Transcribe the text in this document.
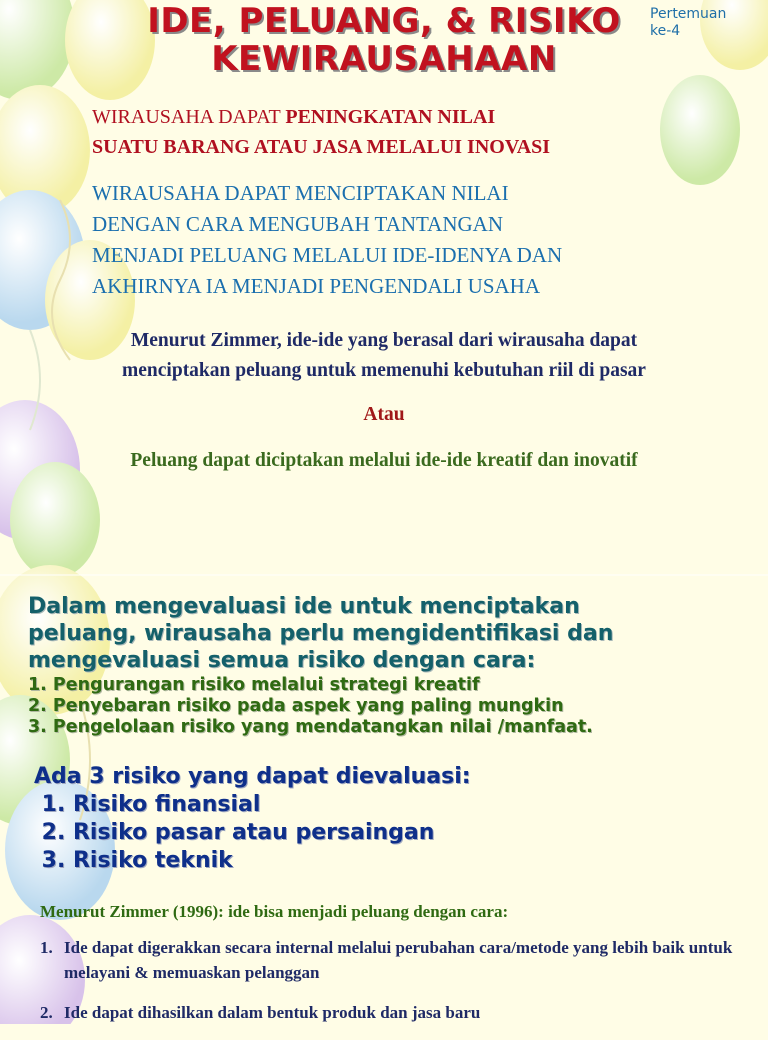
IDE, PELUANG, & RISIKO
KEWIRAUSAHAAN
Pertemuan
ke-4
WIRAUSAHA DAPAT PENINGKATAN NILAI
SUATU BARANG ATAU JASA MELALUI INOVASI
WIRAUSAHA DAPAT MENCIPTAKAN NILAI
DENGAN CARA MENGUBAH TANTANGAN
MENJADI PELUANG MELALUI IDE-IDENYA DAN
AKHIRNYA IA MENJADI PENGENDALI USAHA
Menurut Zimmer, ide-ide yang berasal dari wirausaha dapat
menciptakan peluang untuk memenuhi kebutuhan riil di pasar
Atau
Peluang dapat diciptakan melalui ide-ide kreatif dan inovatif
Dalam mengevaluasi ide untuk menciptakan
peluang, wirausaha perlu mengidentifikasi dan
mengevaluasi semua risiko dengan cara:
1. Pengurangan risiko melalui strategi kreatif
2. Penyebaran risiko pada aspek yang paling mungkin
3. Pengelolaan risiko yang mendatangkan nilai /manfaat.
Ada 3 risiko yang dapat dievaluasi:
1. Risiko finansial
2. Risiko pasar atau persaingan
3. Risiko teknik
Menurut Zimmer (1996): ide bisa menjadi peluang dengan cara:
1. Ide dapat digerakkan secara internal melalui perubahan cara/metode yang lebih baik untuk melayani & memuaskan pelanggan
2. Ide dapat dihasilkan dalam bentuk produk dan jasa baru
